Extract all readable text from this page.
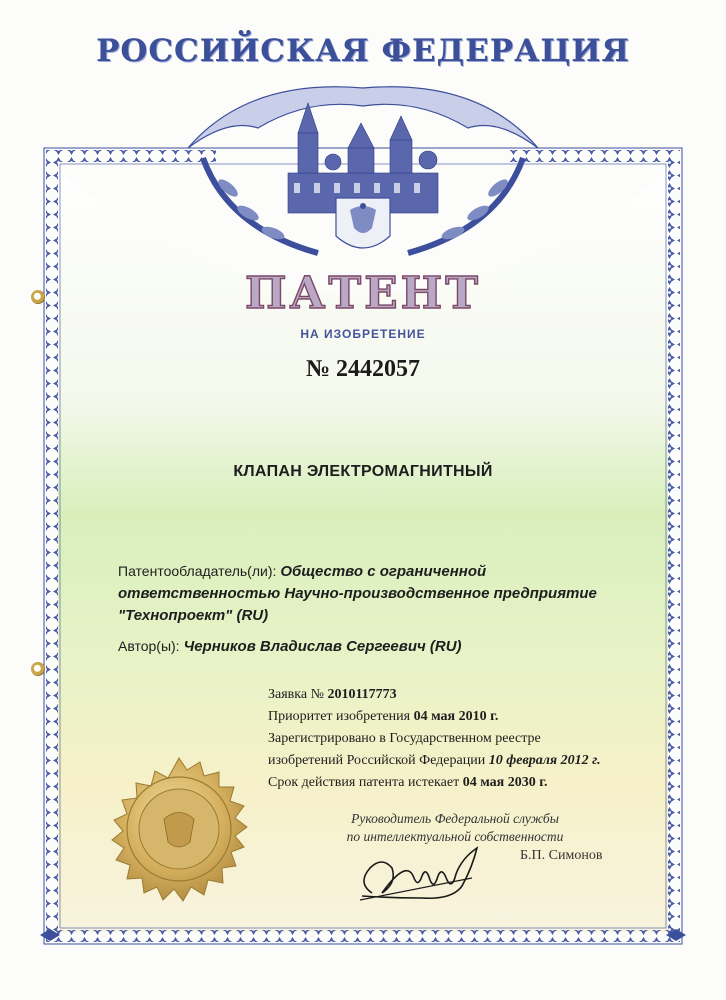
РОССИЙСКАЯ ФЕДЕРАЦИЯ
ПАТЕНТ
НА ИЗОБРЕТЕНИЕ
№ 2442057
КЛАПАН ЭЛЕКТРОМАГНИТНЫЙ
Патентообладатель(ли): Общество с ограниченной
ответственностью Научно-производственное предприятие
"Технопроект" (RU)
Автор(ы): Черников Владислав Сергеевич (RU)
Заявка № 2010117773
Приоритет изобретения 04 мая 2010 г.
Зарегистрировано в Государственном реестре
изобретений Российской Федерации 10 февраля 2012 г.
Срок действия патента истекает 04 мая 2030 г.
Руководитель Федеральной службы
по интеллектуальной собственности
Б.П. Симонов
